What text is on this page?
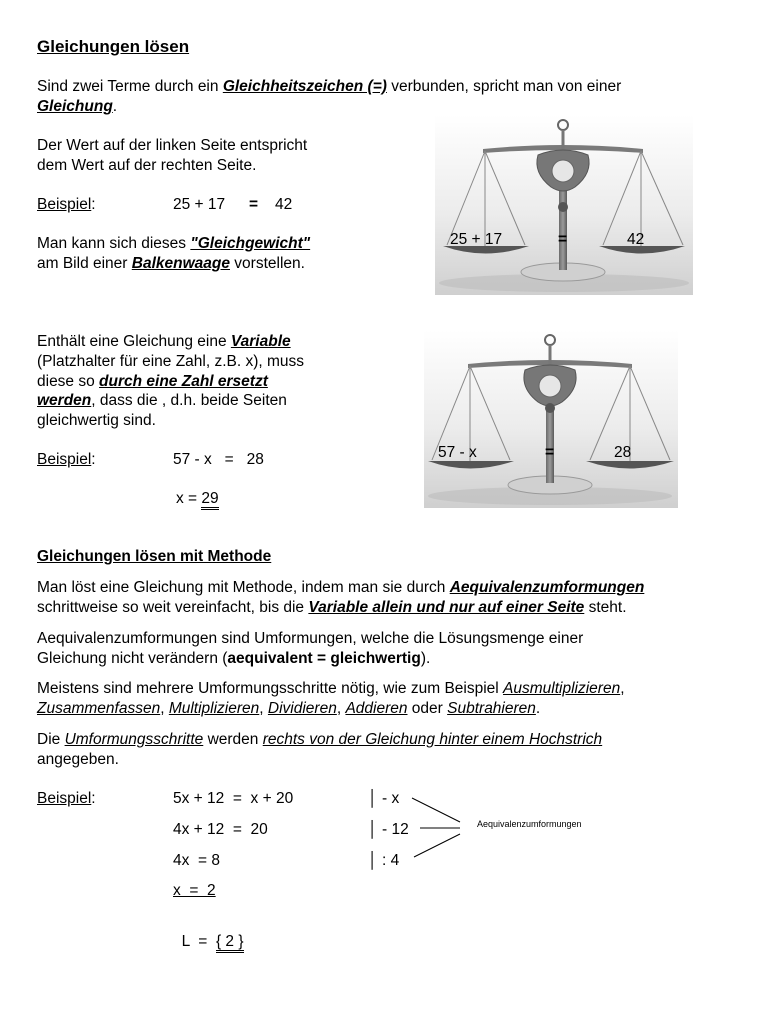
Gleichungen lösen
Sind zwei Terme durch ein Gleichheitszeichen (=) verbunden, spricht man von einer
Gleichung.
Der Wert auf der linken Seite entspricht
dem Wert auf der rechten Seite.
Beispiel:	25 + 17 = 42
Man kann sich dieses "Gleichgewicht"
am Bild einer Balkenwaage vorstellen.
25 + 17	=	42
Enthält eine Gleichung eine Variable
(Platzhalter für eine Zahl, z.B. x), muss
diese so durch eine Zahl ersetzt
werden, dass die , d.h. beide Seiten
gleichwertig sind.
Beispiel:	57 - x   =   28
x = 29
57 - x	=	28
Gleichungen lösen mit Methode
Man löst eine Gleichung mit Methode, indem man sie durch Aequivalenzumformungen
schrittweise so weit vereinfacht, bis die Variable allein und nur auf einer Seite steht.
Aequivalenzumformungen sind Umformungen, welche die Lösungsmenge einer
Gleichung nicht verändern (aequivalent = gleichwertig).
Meistens sind mehrere Umformungsschritte nötig, wie zum Beispiel Ausmultiplizieren,
Zusammenfassen, Multiplizieren, Dividieren, Addieren oder Subtrahieren.
Die Umformungsschritte werden rechts von der Gleichung hinter einem Hochstrich
angegeben.
Beispiel:	5x + 12  =  x + 20	│ - x
4x + 12  =  20	│ - 12
4x  = 8	│ : 4
x  =  2

L  =  { 2 }

Aequivalenzumformungen
